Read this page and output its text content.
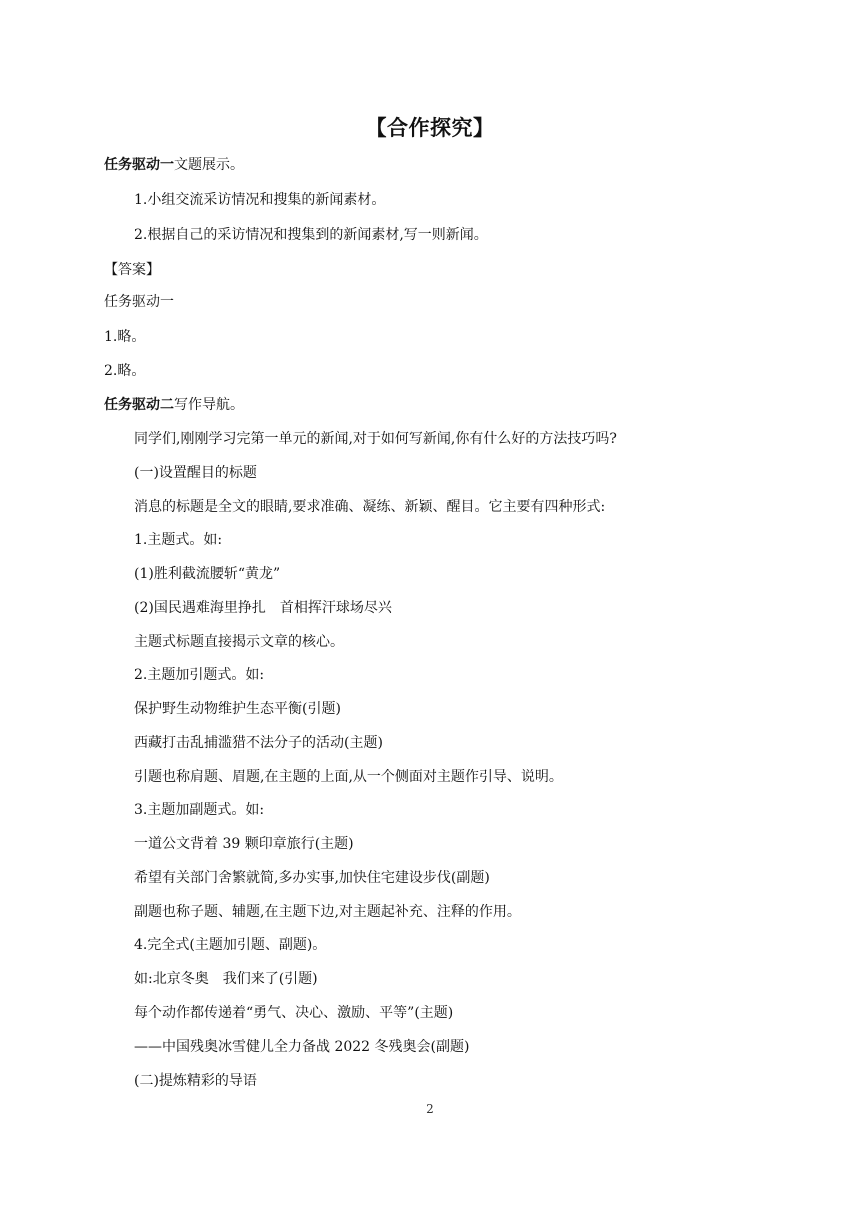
【合作探究】
任务驱动一文题展示。
1.小组交流采访情况和搜集的新闻素材。
2.根据自己的采访情况和搜集到的新闻素材,写一则新闻。
【答案】
任务驱动一
1.略。
2.略。
任务驱动二写作导航。
同学们,刚刚学习完第一单元的新闻,对于如何写新闻,你有什么好的方法技巧吗?
(一)设置醒目的标题
消息的标题是全文的眼睛,要求准确、凝练、新颖、醒目。它主要有四种形式:
1.主题式。如:
(1)胜利截流腰斩“黄龙”
(2)国民遇难海里挣扎　首相挥汗球场尽兴
主题式标题直接揭示文章的核心。
2.主题加引题式。如:
保护野生动物维护生态平衡(引题)
西藏打击乱捕滥猎不法分子的活动(主题)
引题也称肩题、眉题,在主题的上面,从一个侧面对主题作引导、说明。
3.主题加副题式。如:
一道公文背着 39 颗印章旅行(主题)
希望有关部门舍繁就简,多办实事,加快住宅建设步伐(副题)
副题也称子题、辅题,在主题下边,对主题起补充、注释的作用。
4.完全式(主题加引题、副题)。
如:北京冬奥　我们来了(引题)
每个动作都传递着“勇气、决心、激励、平等”(主题)
——中国残奥冰雪健儿全力备战 2022 冬残奥会(副题)
(二)提炼精彩的导语
2
